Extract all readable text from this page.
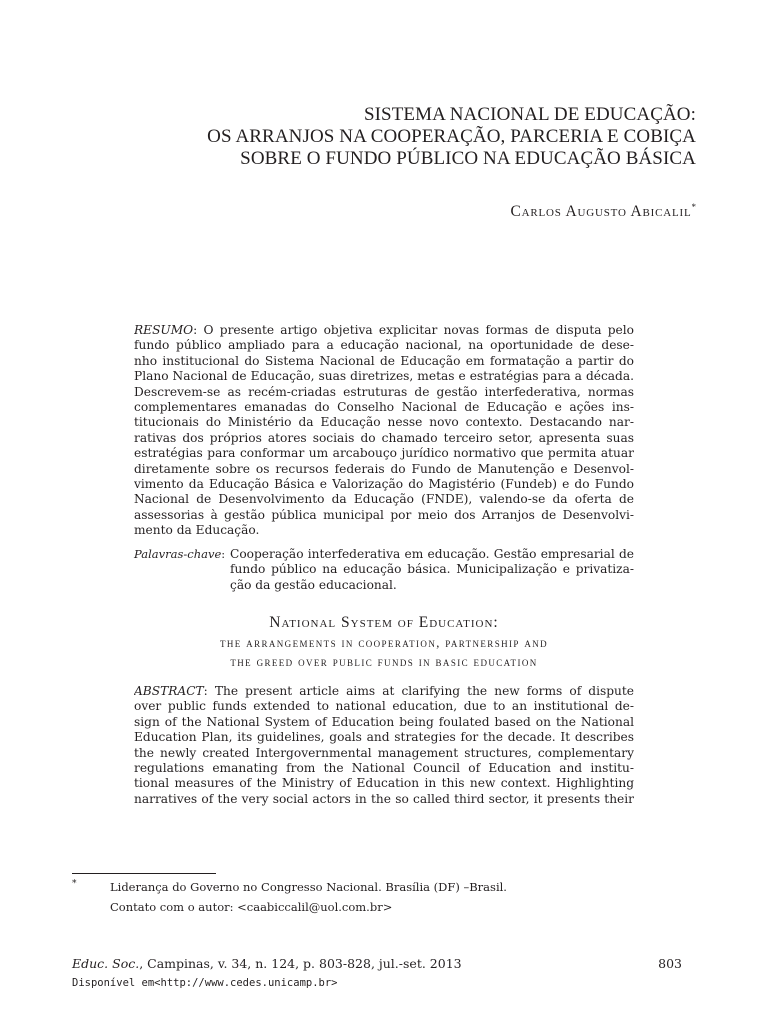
SISTEMA NACIONAL DE EDUCAÇÃO:
OS ARRANJOS NA COOPERAÇÃO, PARCERIA E COBIÇA
SOBRE O FUNDO PÚBLICO NA EDUCAÇÃO BÁSICA
Carlos Augusto Abicalil*
RESUMO: O presente artigo objetiva explicitar novas formas de disputa pelo
fundo público ampliado para a educação nacional, na oportunidade de dese-
nho institucional do Sistema Nacional de Educação em formatação a partir do
Plano Nacional de Educação, suas diretrizes, metas e estratégias para a década.
Descrevem-se as recém-criadas estruturas de gestão interfederativa, normas
complementares emanadas do Conselho Nacional de Educação e ações ins-
titucionais do Ministério da Educação nesse novo contexto. Destacando nar-
rativas dos próprios atores sociais do chamado terceiro setor, apresenta suas
estratégias para conformar um arcabouço jurídico normativo que permita atuar
diretamente sobre os recursos federais do Fundo de Manutenção e Desenvol-
vimento da Educação Básica e Valorização do Magistério (Fundeb) e do Fundo
Nacional de Desenvolvimento da Educação (FNDE), valendo-se da oferta de
assessorias à gestão pública municipal por meio dos Arranjos de Desenvolvi-
mento da Educação.
Palavras-chave: Cooperação interfederativa em educação. Gestão empresarial de
fundo público na educação básica. Municipalização e privatiza-
ção da gestão educacional.
National System of Education:
the arrangements in cooperation, partnership and
the greed over public funds in basic education
ABSTRACT: The present article aims at clarifying the new forms of dispute
over public funds extended to national education, due to an institutional de-
sign of the National System of Education being foulated based on the National
Education Plan, its guidelines, goals and strategies for the decade. It describes
the newly created Intergovernmental management structures, complementary
regulations emanating from the National Council of Education and institu-
tional measures of the Ministry of Education in this new context. Highlighting
narratives of the very social actors in the so called third sector, it presents their
*	Liderança do Governo no Congresso Nacional. Brasília (DF) –Brasil.
Contato com o autor: <caabiccalil@uol.com.br>
Educ. Soc., Campinas, v. 34, n. 124, p. 803-828, jul.-set. 2013	803
Disponível em<http://www.cedes.unicamp.br>
